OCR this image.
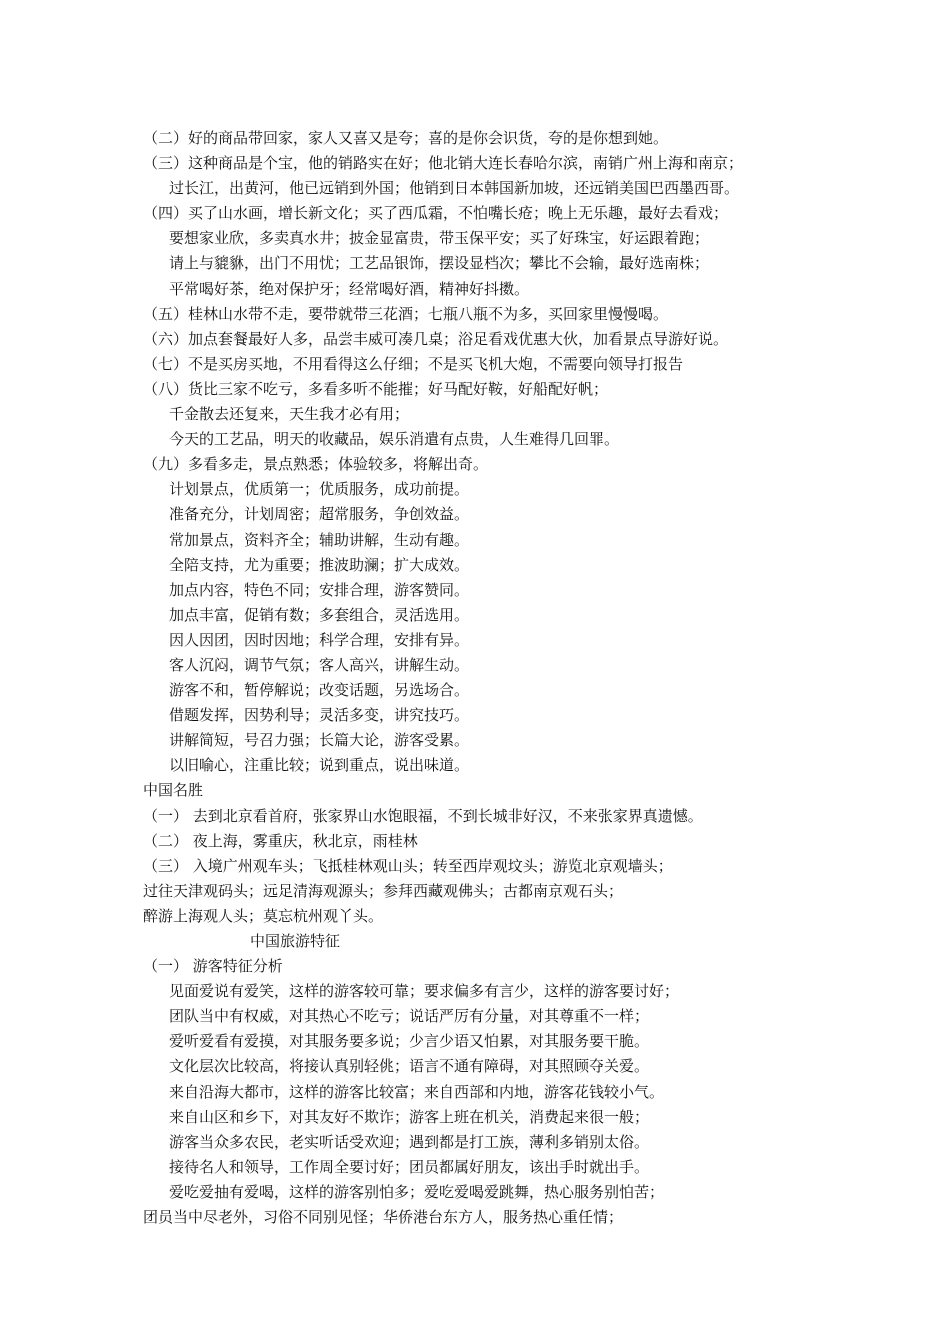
（二）好的商品带回家，家人又喜又是夸；喜的是你会识货，夸的是你想到她。
（三）这种商品是个宝，他的销路实在好；他北销大连长春哈尔滨，南销广州上海和南京；
过长江，出黄河，他已远销到外国；他销到日本韩国新加坡，还远销美国巴西墨西哥。
（四）买了山水画，增长新文化；买了西瓜霜，不怕嘴长疮；晚上无乐趣，最好去看戏；
要想家业欣，多卖真水井；披金显富贵，带玉保平安；买了好珠宝，好运跟着跑；
请上与貔貅，出门不用忧；工艺品银饰，摆设显档次；攀比不会输，最好选南株；
平常喝好茶，绝对保护牙；经常喝好酒，精神好抖擞。
（五）桂林山水带不走，要带就带三花酒；七瓶八瓶不为多，买回家里慢慢喝。
（六）加点套餐最好人多，品尝丰威可凑几桌；浴足看戏优惠大伙，加看景点导游好说。
（七）不是买房买地，不用看得这么仔细；不是买飞机大炮，不需要向领导打报告
（八）货比三家不吃亏，多看多听不能摧；好马配好鞍，好船配好帆；
千金散去还复来，天生我才必有用；
今天的工艺品，明天的收藏品，娱乐消遣有点贵，人生难得几回罪。
（九）多看多走，景点熟悉；体验较多，将解出奇。
计划景点，优质第一；优质服务，成功前提。
准备充分，计划周密；超常服务，争创效益。
常加景点，资料齐全；辅助讲解，生动有趣。
全陪支持，尤为重要；推波助澜；扩大成效。
加点内容，特色不同；安排合理，游客赞同。
加点丰富，促销有数；多套组合，灵活选用。
因人因团，因时因地；科学合理，安排有异。
客人沉闷，调节气氛；客人高兴，讲解生动。
游客不和，暂停解说；改变话题，另选场合。
借题发挥，因势利导；灵活多变，讲究技巧。
讲解简短，号召力强；长篇大论，游客受累。
以旧喻心，注重比较；说到重点，说出味道。
中国名胜
（一） 去到北京看首府，张家界山水饱眼福，不到长城非好汉，不来张家界真遗憾。
（二） 夜上海，雾重庆，秋北京，雨桂林
（三） 入境广州观车头；飞抵桂林观山头；转至西岸观坟头；游览北京观墙头；
过往天津观码头；远足清海观源头；参拜西藏观佛头；古都南京观石头；
醉游上海观人头；莫忘杭州观丫头。
中国旅游特征
（一） 游客特征分析
见面爱说有爱笑，这样的游客较可靠；要求偏多有言少，这样的游客要讨好；
团队当中有权威，对其热心不吃亏；说话严厉有分量，对其尊重不一样；
爱听爱看有爱摸，对其服务要多说；少言少语又怕累，对其服务要干脆。
文化层次比较高，将接认真别轻佻；语言不通有障碍，对其照顾夺关爱。
来自沿海大都市，这样的游客比较富；来自西部和内地，游客花钱较小气。
来自山区和乡下，对其友好不欺诈；游客上班在机关，消费起来很一般；
游客当众多农民，老实听话受欢迎；遇到都是打工族，薄利多销别太俗。
接待名人和领导，工作周全要讨好；团员都属好朋友，该出手时就出手。
爱吃爱抽有爱喝，这样的游客别怕多；爱吃爱喝爱跳舞，热心服务别怕苦；
团员当中尽老外，习俗不同别见怪；华侨港台东方人，服务热心重任情；
